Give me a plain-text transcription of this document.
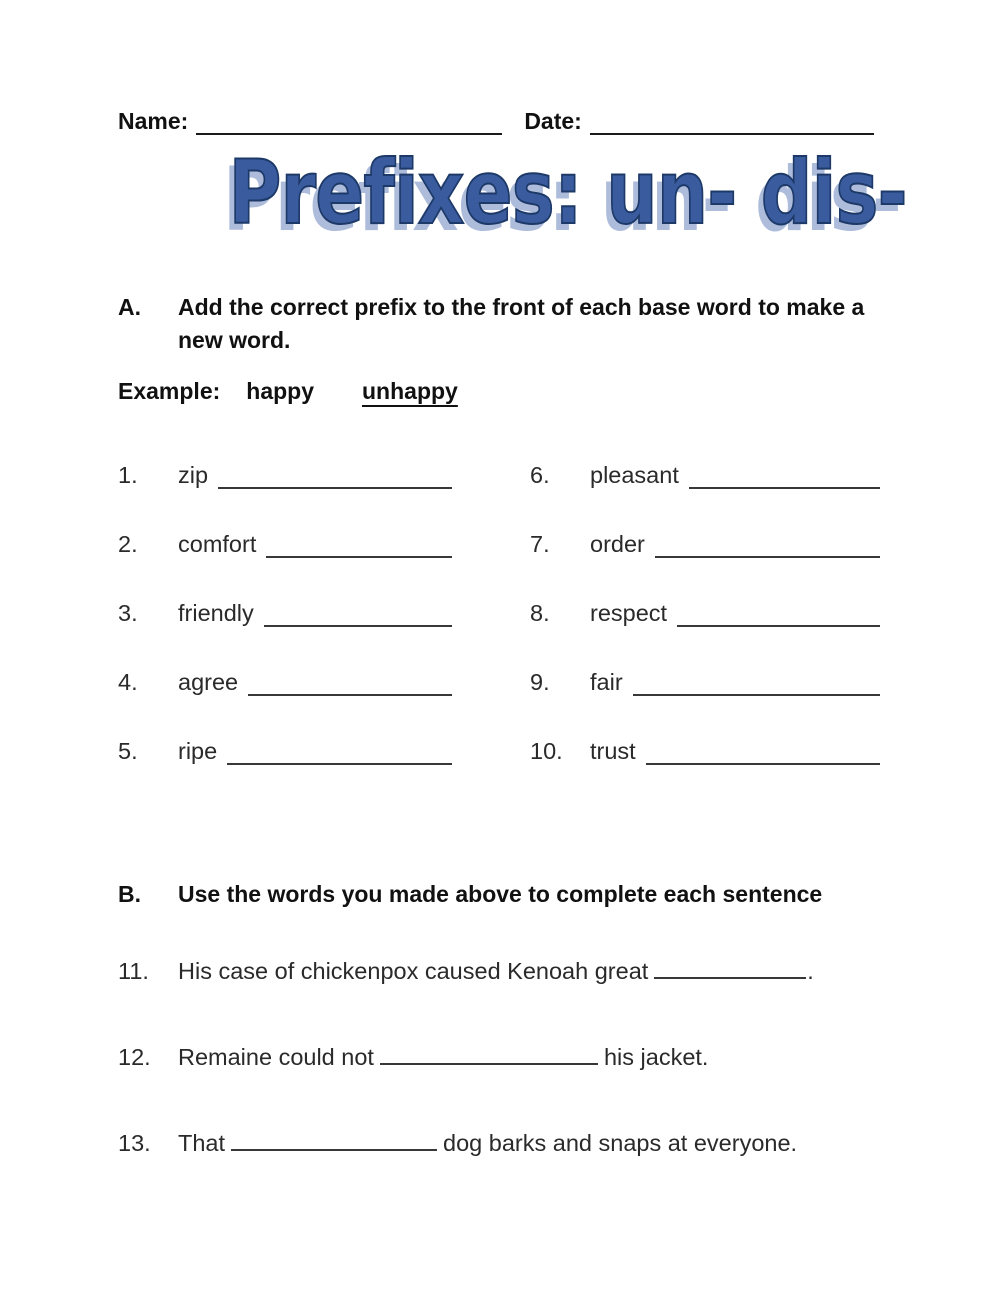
Name:	Date:
Prefixes: un- dis-
A.	Add the correct prefix to the front of each base word to make a new word.
Example: happy unhappy
1.	zip
2.	comfort
3.	friendly
4.	agree
5.	ripe
6.	pleasant
7.	order
8.	respect
9.	fair
10.	trust
B.	Use the words you made above to complete each sentence
11.	His case of chickenpox caused Kenoah great	.
12.	Remaine could not	his jacket.
13.	That	dog barks and snaps at everyone.
